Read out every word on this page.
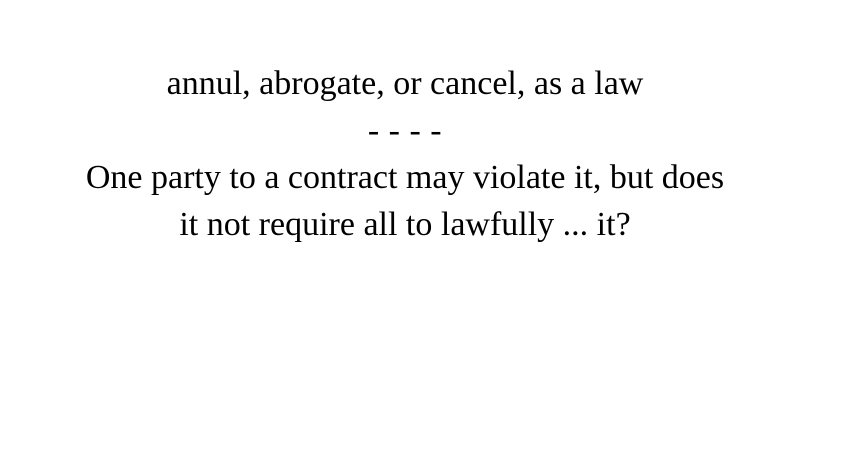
annul, abrogate, or cancel, as a law
- - - -
One party to a contract may violate it, but does
it not require all to lawfully ... it?
